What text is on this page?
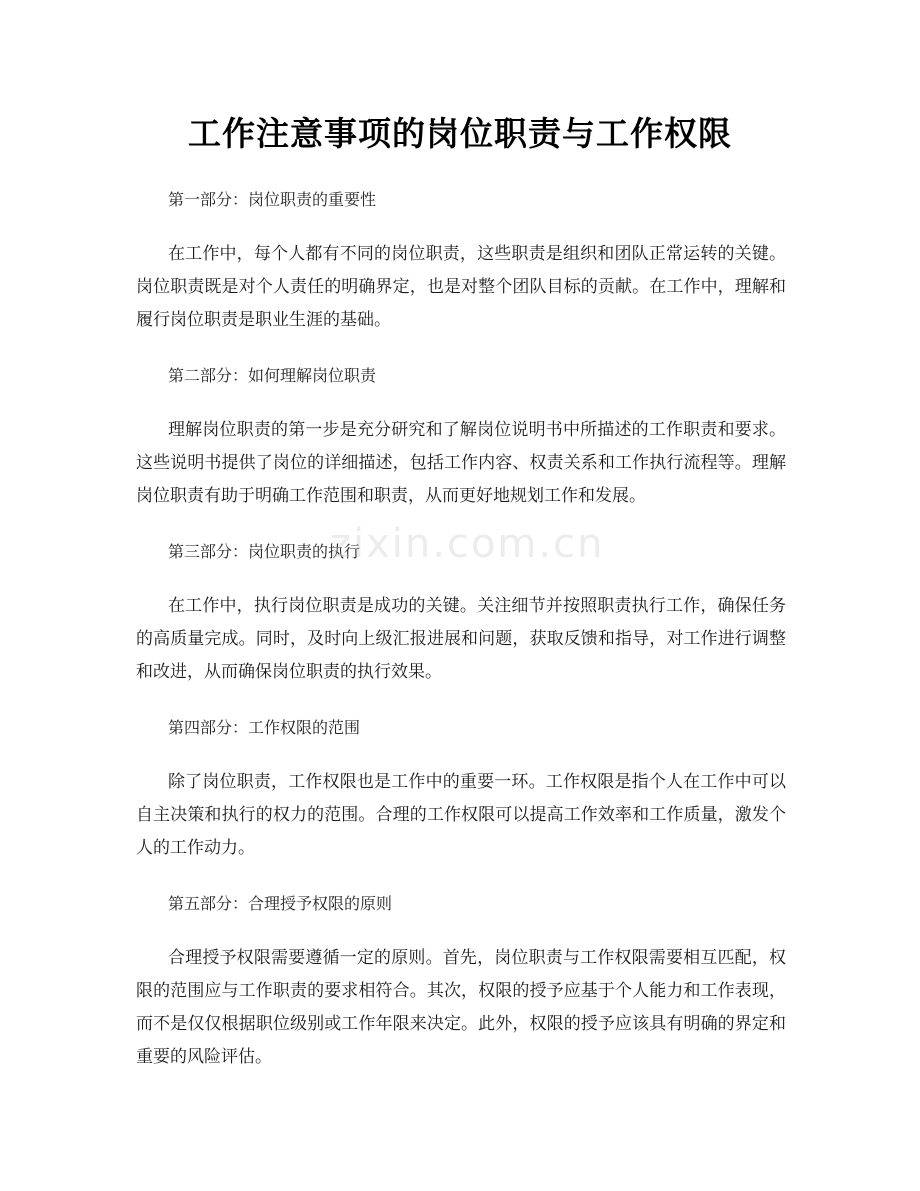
工作注意事项的岗位职责与工作权限

第一部分：岗位职责的重要性

在工作中，每个人都有不同的岗位职责，这些职责是组织和团队正常运转的关键。岗位职责既是对个人责任的明确界定，也是对整个团队目标的贡献。在工作中，理解和履行岗位职责是职业生涯的基础。

第二部分：如何理解岗位职责

理解岗位职责的第一步是充分研究和了解岗位说明书中所描述的工作职责和要求。这些说明书提供了岗位的详细描述，包括工作内容、权责关系和工作执行流程等。理解岗位职责有助于明确工作范围和职责，从而更好地规划工作和发展。

第三部分：岗位职责的执行

在工作中，执行岗位职责是成功的关键。关注细节并按照职责执行工作，确保任务的高质量完成。同时，及时向上级汇报进展和问题，获取反馈和指导，对工作进行调整和改进，从而确保岗位职责的执行效果。

第四部分：工作权限的范围

除了岗位职责，工作权限也是工作中的重要一环。工作权限是指个人在工作中可以自主决策和执行的权力的范围。合理的工作权限可以提高工作效率和工作质量，激发个人的工作动力。

第五部分：合理授予权限的原则

合理授予权限需要遵循一定的原则。首先，岗位职责与工作权限需要相互匹配，权限的范围应与工作职责的要求相符合。其次，权限的授予应基于个人能力和工作表现，而不是仅仅根据职位级别或工作年限来决定。此外，权限的授予应该具有明确的界定和重要的风险评估。

zixin.com.cn
